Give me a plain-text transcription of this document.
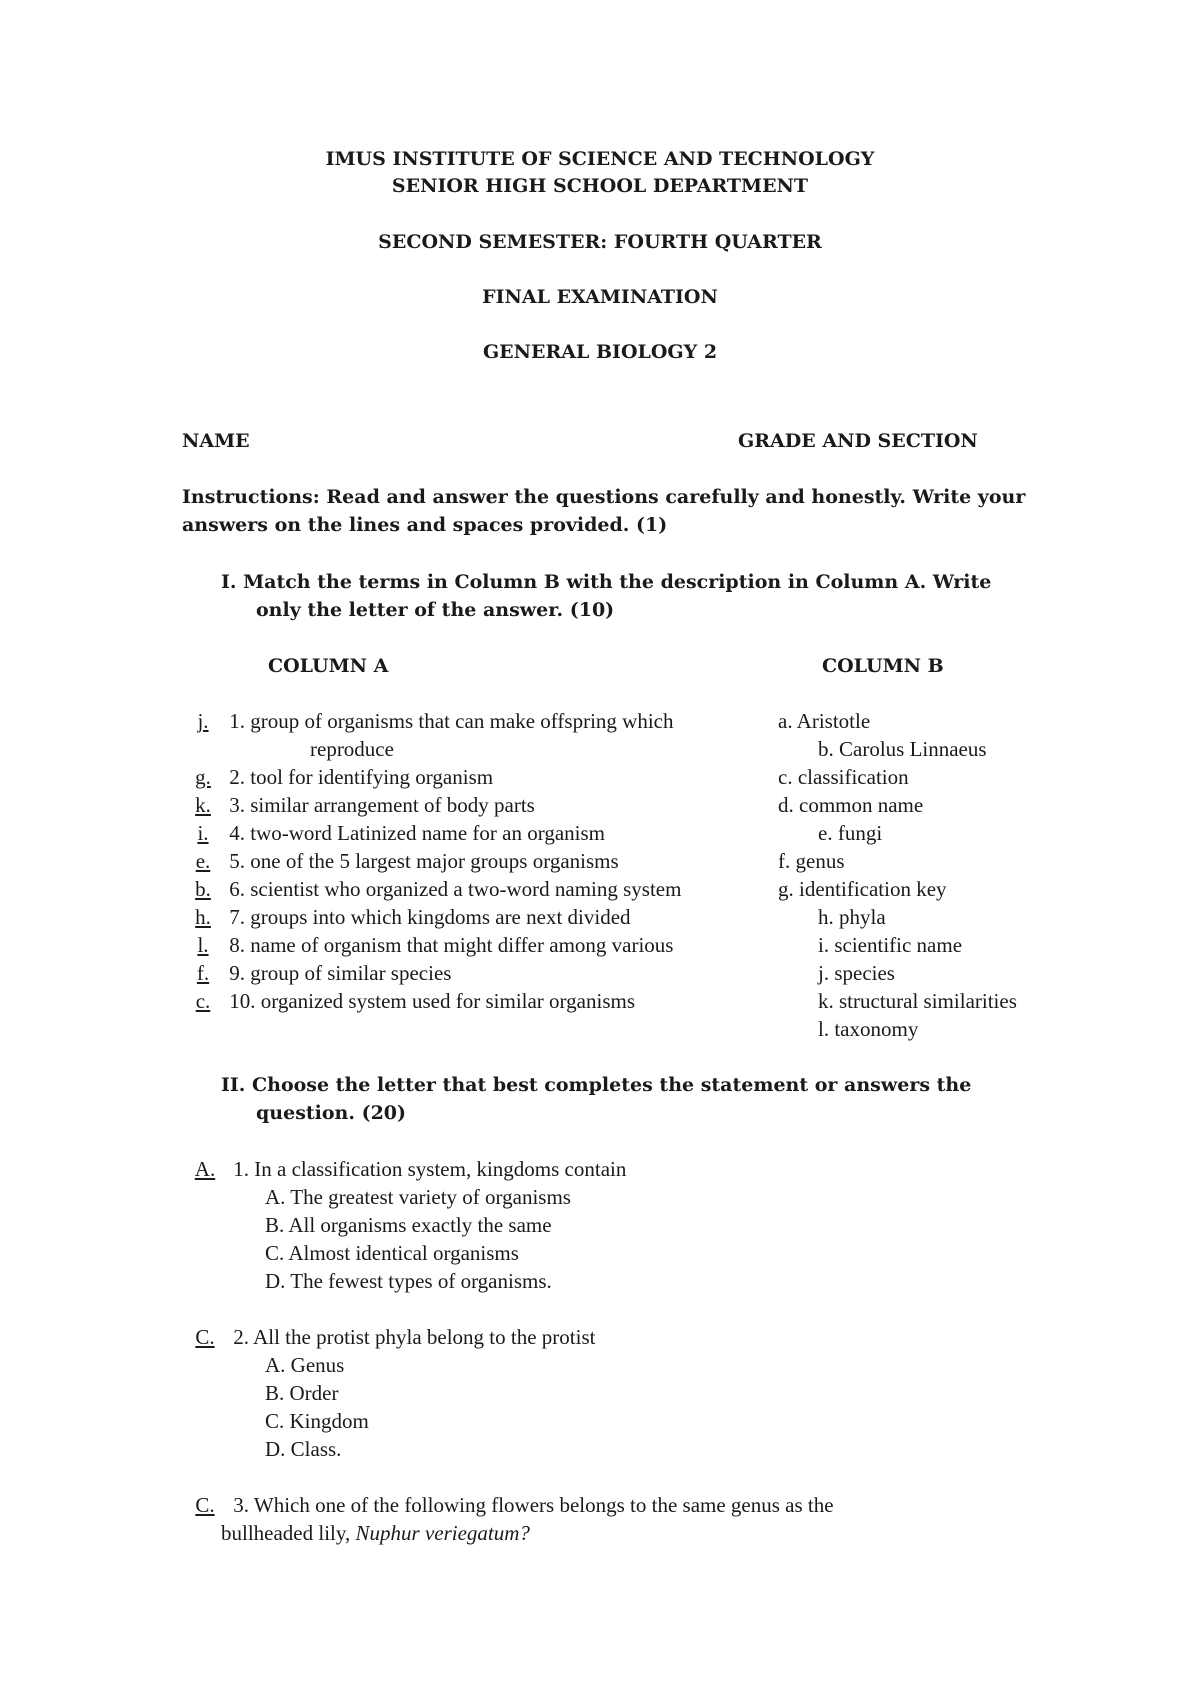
IMUS INSTITUTE OF SCIENCE AND TECHNOLOGY
SENIOR HIGH SCHOOL DEPARTMENT
SECOND SEMESTER: FOURTH QUARTER
FINAL EXAMINATION
GENERAL BIOLOGY 2
NAME	GRADE AND SECTION
Instructions: Read and answer the questions carefully and honestly. Write your
answers on the lines and spaces provided. (1)
I. Match the terms in Column B with the description in Column A. Write
only the letter of the answer. (10)
COLUMN A	COLUMN B
j. 1. group of organisms that can make offspring which
reproduce
g. 2. tool for identifying organism
k. 3. similar arrangement of body parts
i. 4. two-word Latinized name for an organism
e. 5. one of the 5 largest major groups organisms
b. 6. scientist who organized a two-word naming system
h. 7. groups into which kingdoms are next divided
l. 8. name of organism that might differ among various
f. 9. group of similar species
c. 10. organized system used for similar organisms
a. Aristotle
b. Carolus Linnaeus
c. classification
d. common name
e. fungi
f. genus
g. identification key
h. phyla
i. scientific name
j. species
k. structural similarities
l. taxonomy
II. Choose the letter that best completes the statement or answers the
question. (20)
A. 1. In a classification system, kingdoms contain
A. The greatest variety of organisms
B. All organisms exactly the same
C. Almost identical organisms
D. The fewest types of organisms.
C. 2. All the protist phyla belong to the protist
A. Genus
B. Order
C. Kingdom
D. Class.
C. 3. Which one of the following flowers belongs to the same genus as the
bullheaded lily, Nuphur veriegatum?
